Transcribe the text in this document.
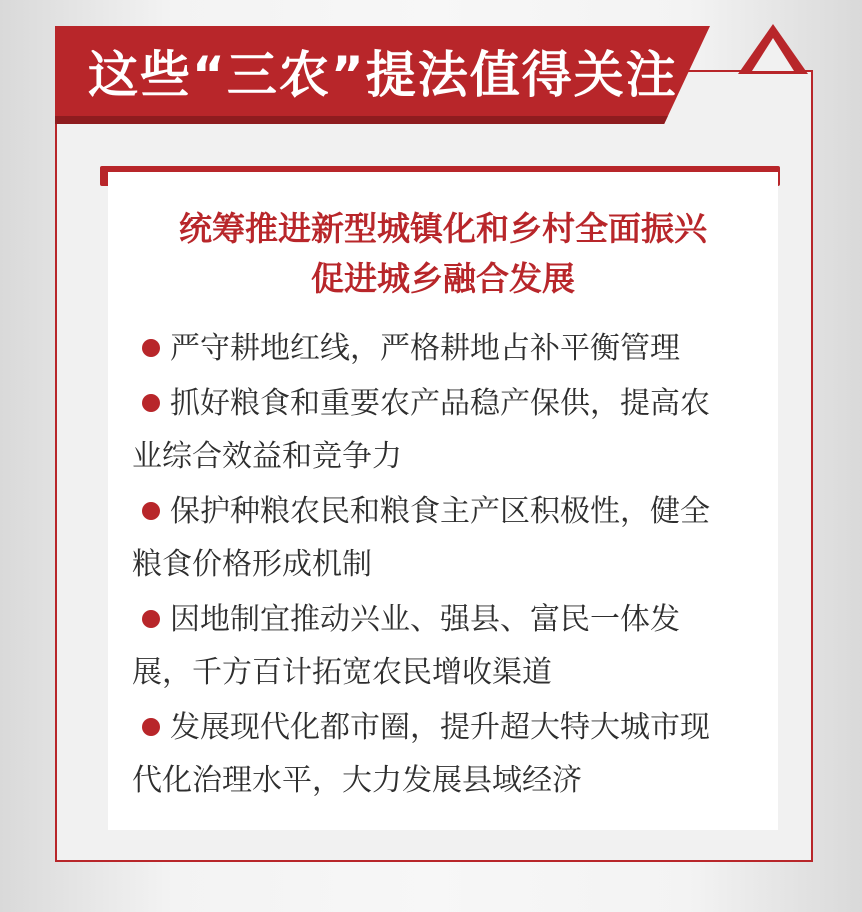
这些“三农”提法值得关注
统筹推进新型城镇化和乡村全面振兴
促进城乡融合发展
严守耕地红线，严格耕地占补平衡管理
抓好粮食和重要农产品稳产保供，提高农业综合效益和竞争力
保护种粮农民和粮食主产区积极性，健全粮食价格形成机制
因地制宜推动兴业、强县、富民一体发展，千方百计拓宽农民增收渠道
发展现代化都市圈，提升超大特大城市现代化治理水平，大力发展县域经济
